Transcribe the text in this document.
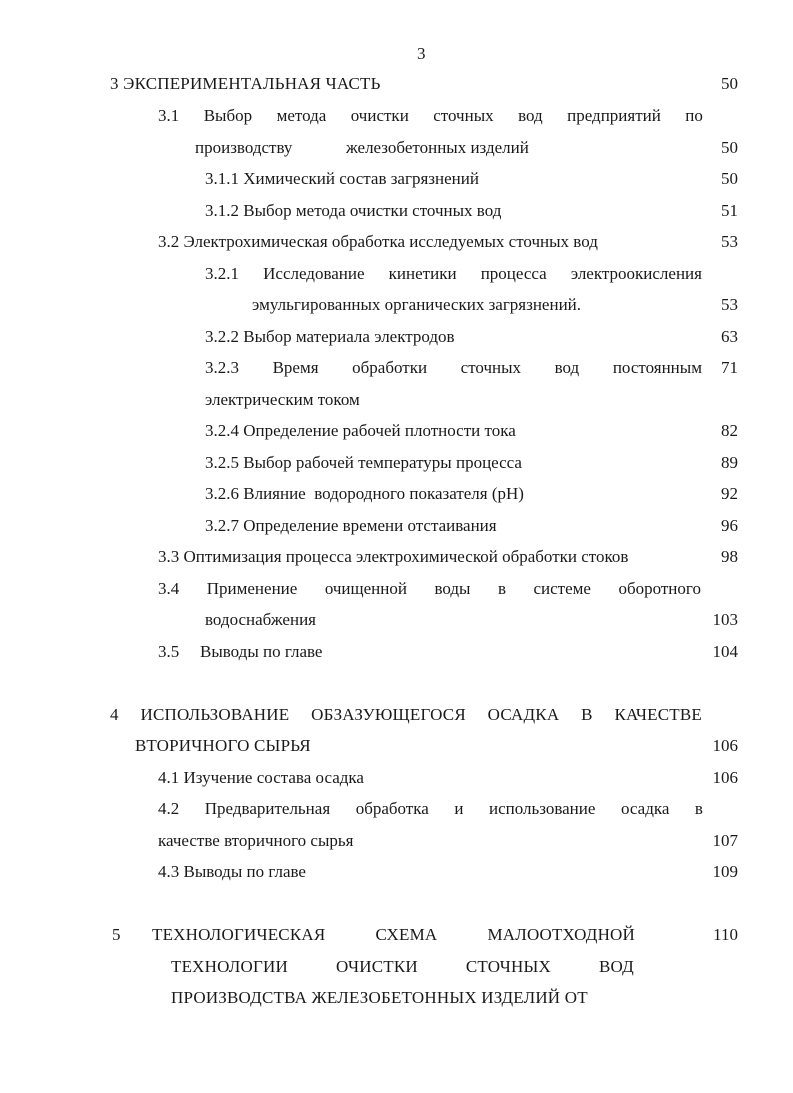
3
3 ЭКСПЕРИМЕНТАЛЬНАЯ ЧАСТЬ	50
3.1 Выбор метода очистки сточных вод предприятий по
производству	железобетонных изделий	50
3.1.1 Химический состав загрязнений	50
3.1.2 Выбор метода очистки сточных вод	51
3.2 Электрохимическая обработка исследуемых сточных вод	53
3.2.1 Исследование кинетики процесса электроокисления
эмульгированных органических загрязнений.	53
3.2.2 Выбор материала электродов	63
3.2.3 Время обработки сточных вод постоянным	71
электрическим током
3.2.4 Определение рабочей плотности тока	82
3.2.5 Выбор рабочей температуры процесса	89
3.2.6 Влияние  водородного показателя (pH)	92
3.2.7 Определение времени отстаивания	96
3.3 Оптимизация процесса электрохимической обработки стоков	98
3.4 Применение очищенной воды в системе оборотного
водоснабжения	103
3.5 Выводы по главе	104
4 ИСПОЛЬЗОВАНИЕ ОБЗАЗУЮЩЕГОСЯ ОСАДКА В КАЧЕСТВЕ
ВТОРИЧНОГО СЫРЬЯ	106
4.1 Изучение состава осадка	106
4.2 Предварительная обработка и использование осадка в
качестве вторичного сырья	107
4.3 Выводы по главе	109
5 ТЕХНОЛОГИЧЕСКАЯ	СХЕМА	МАЛООТХОДНОЙ	110
ТЕХНОЛОГИИ	ОЧИСТКИ	СТОЧНЫХ	ВОД
ПРОИЗВОДСТВА ЖЕЛЕЗОБЕТОННЫХ ИЗДЕЛИЙ ОТ
